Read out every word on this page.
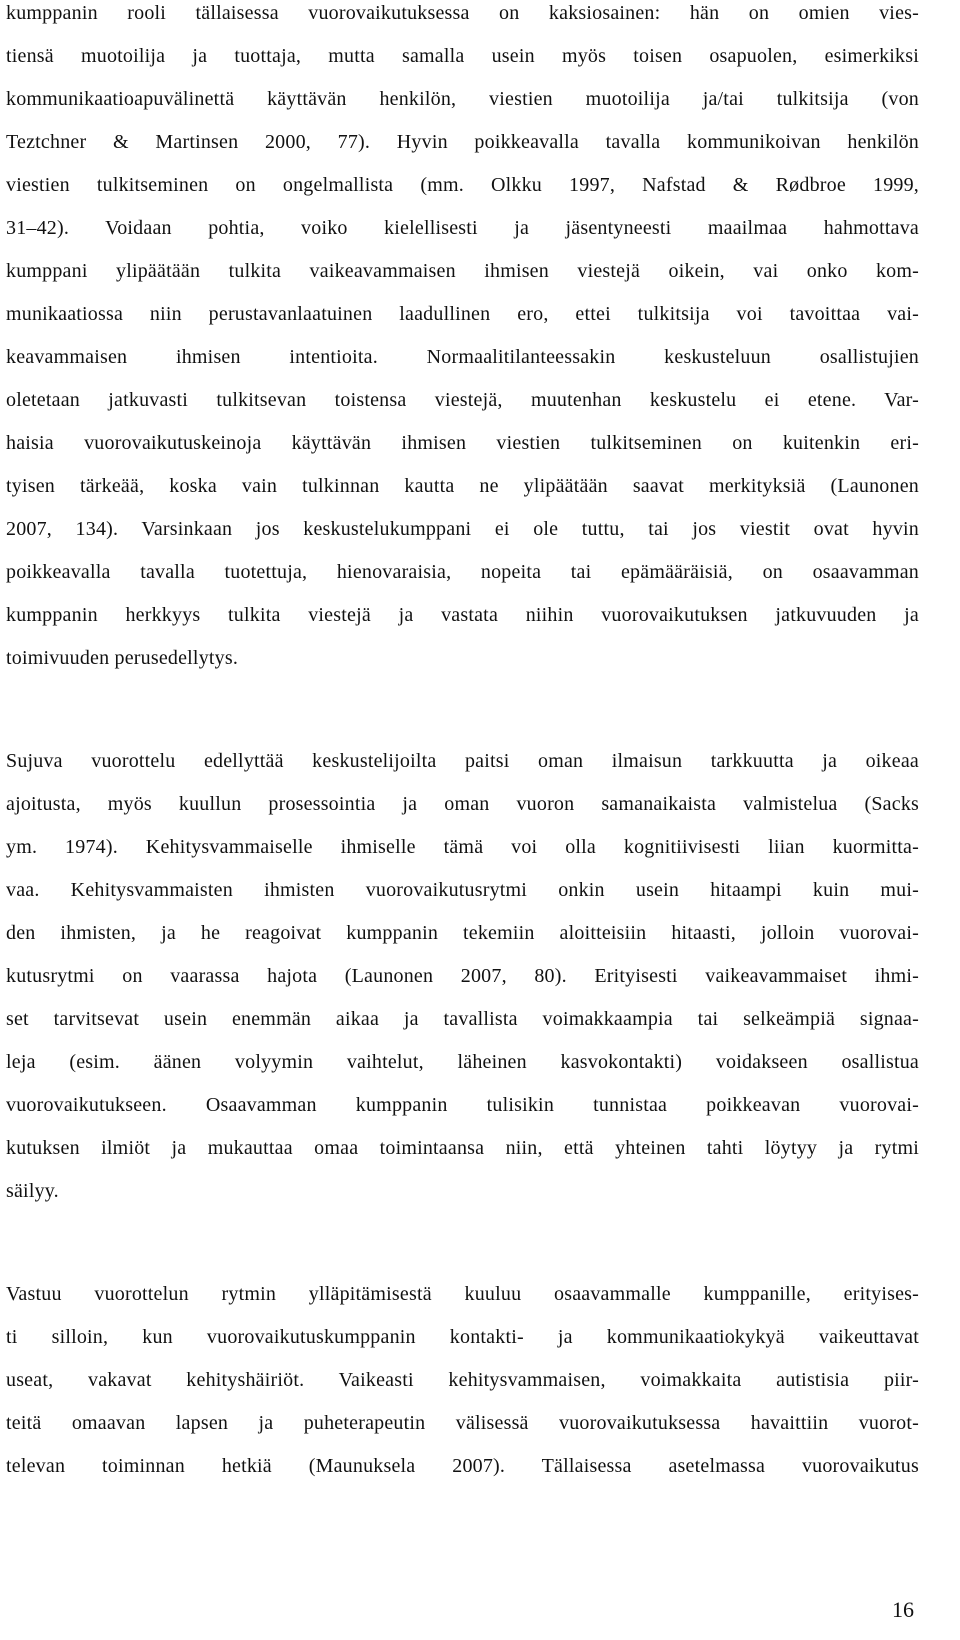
kumppanin rooli tällaisessa vuorovaikutuksessa on kaksiosainen: hän on omien vies-
tiensä muotoilija ja tuottaja, mutta samalla usein myös toisen osapuolen, esimerkiksi
kommunikaatioapuvälinettä käyttävän henkilön, viestien muotoilija ja/tai tulkitsija (von
Teztchner & Martinsen 2000, 77). Hyvin poikkeavalla tavalla kommunikoivan henkilön
viestien tulkitseminen on ongelmallista (mm. Olkku 1997, Nafstad & Rødbroe 1999,
31–42). Voidaan pohtia, voiko kielellisesti ja jäsentyneesti maailmaa hahmottava
kumppani ylipäätään tulkita vaikeavammaisen ihmisen viestejä oikein, vai onko kom-
munikaatiossa niin perustavanlaatuinen laadullinen ero, ettei tulkitsija voi tavoittaa vai-
keavammaisen ihmisen intentioita. Normaalitilanteessakin keskusteluun osallistujien
oletetaan jatkuvasti tulkitsevan toistensa viestejä, muutenhan keskustelu ei etene. Var-
haisia vuorovaikutuskeinoja käyttävän ihmisen viestien tulkitseminen on kuitenkin eri-
tyisen tärkeää, koska vain tulkinnan kautta ne ylipäätään saavat merkityksiä (Launonen
2007, 134). Varsinkaan jos keskustelukumppani ei ole tuttu, tai jos viestit ovat hyvin
poikkeavalla tavalla tuotettuja, hienovaraisia, nopeita tai epämääräisiä, on osaavamman
kumppanin herkkyys tulkita viestejä ja vastata niihin vuorovaikutuksen jatkuvuuden ja
toimivuuden perusedellytys.
Sujuva vuorottelu edellyttää keskustelijoilta paitsi oman ilmaisun tarkkuutta ja oikeaa
ajoitusta, myös kuullun prosessointia ja oman vuoron samanaikaista valmistelua (Sacks
ym. 1974). Kehitysvammaiselle ihmiselle tämä voi olla kognitiivisesti liian kuormitta-
vaa. Kehitysvammaisten ihmisten vuorovaikutusrytmi onkin usein hitaampi kuin mui-
den ihmisten, ja he reagoivat kumppanin tekemiin aloitteisiin hitaasti, jolloin vuorovai-
kutusrytmi on vaarassa hajota (Launonen 2007, 80). Erityisesti vaikeavammaiset ihmi-
set tarvitsevat usein enemmän aikaa ja tavallista voimakkaampia tai selkeämpiä signaa-
leja (esim. äänen volyymin vaihtelut, läheinen kasvokontakti) voidakseen osallistua
vuorovaikutukseen. Osaavamman kumppanin tulisikin tunnistaa poikkeavan vuorovai-
kutuksen ilmiöt ja mukauttaa omaa toimintaansa niin, että yhteinen tahti löytyy ja rytmi
säilyy.
Vastuu vuorottelun rytmin ylläpitämisestä kuuluu osaavammalle kumppanille, erityises-
ti silloin, kun vuorovaikutuskumppanin kontakti- ja kommunikaatiokykyä vaikeuttavat
useat, vakavat kehityshäiriöt. Vaikeasti kehitysvammaisen, voimakkaita autistisia piir-
teitä omaavan lapsen ja puheterapeutin välisessä vuorovaikutuksessa havaittiin vuorot-
televan toiminnan hetkiä (Maunuksela 2007). Tällaisessa asetelmassa vuorovaikutus
16
